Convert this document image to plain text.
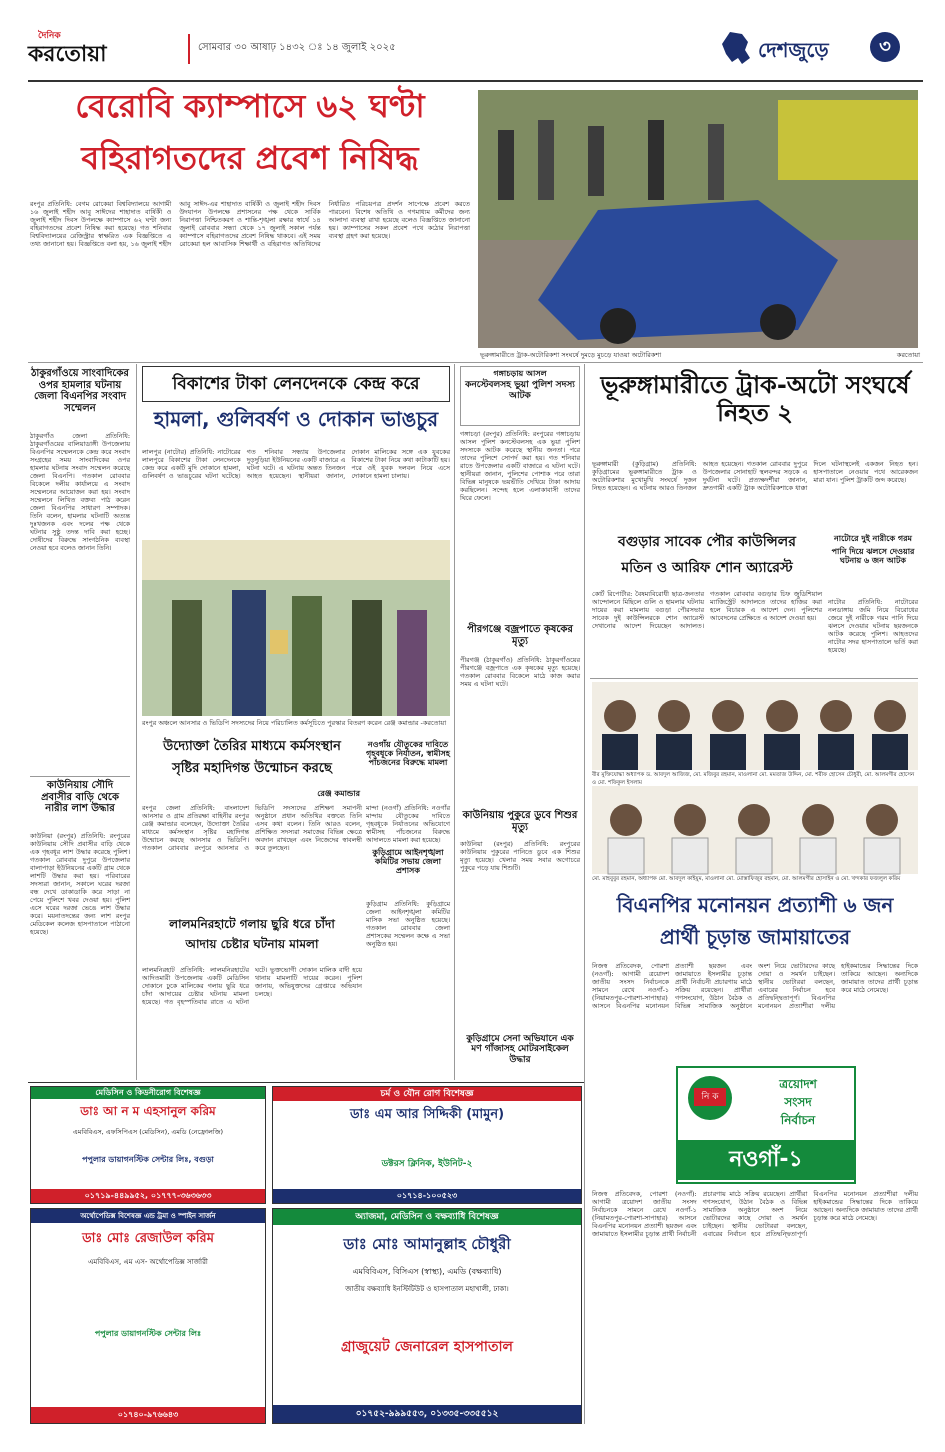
দৈনিক
করতোয়া	সোমবার ৩০ আষাঢ় ১৪৩২ ঃ ১৪ জুলাই ২০২৫	দেশজুড়ে	৩
বেরোবি ক্যাম্পাসে ৬২ ঘণ্টা
বহিরাগতদের প্রবেশ নিষিদ্ধ
রংপুর প্রতিনিধি: বেগম রোকেয়া বিশ্ববিদ্যালয়ে আগামী ১৬ জুলাই শহীদ আবু সাঈদের শাহাদাত বার্ষিকী ও জুলাই শহীদ দিবস উপলক্ষে ক্যাম্পাসে ৬২ ঘণ্টা জন্য বহিরাগতদের প্রবেশ নিষিদ্ধ করা হয়েছে। গত শনিবার বিশ্ববিদ্যালয়ের রেজিস্ট্রার স্বাক্ষরিত এক বিজ্ঞপ্তিতে এ তথ্য জানানো হয়। বিজ্ঞপ্তিতে বলা হয়, ১৬ জুলাই শহীদ আবু সাঈদ-এর শাহাদাত বার্ষিকী ও জুলাই শহীদ দিবস উদযাপন উপলক্ষে প্রশাসনের পক্ষ থেকে সার্বিক নিরাপত্তা নিশ্চিতকরণ ও শান্তি-শৃঙ্খলা রক্ষার স্বার্থে ১৪ জুলাই রোববার সন্ধ্যা থেকে ১৭ জুলাই সকাল পর্যন্ত ক্যাম্পাসে বহিরাগতদের প্রবেশ নিষিদ্ধ থাকবে। এই সময় রোকেয়া হল আবাসিক শিক্ষার্থী ও বহিরাগত অতিথিদের নির্ধারিত পরিচয়পত্র প্রদর্শন সাপেক্ষে প্রবেশ করতে পারবেন। বিশেষ অতিথি ও গণমাধ্যম কর্মীদের জন্য আলাদা ব্যবস্থা রাখা হয়েছে বলেও বিজ্ঞপ্তিতে জানানো হয়। ক্যাম্পাসের সকল প্রবেশ পথে কঠোর নিরাপত্তা ব্যবস্থা গ্রহণ করা হয়েছে।
ভূরুঙ্গামারীতে ট্রাক-অটোরিকশা সংঘর্ষে দুমড়ে মুচড়ে যাওয়া অটোরিকশা	করতোয়া
ঠাকুরগাঁওয়ে সাংবাদিকের ওপর হামলার ঘটনায় জেলা বিএনপির সংবাদ সম্মেলন
ঠাকুরগাঁও জেলা প্রতিনিধি: ঠাকুরগাঁওয়ের বালিয়াডাঙ্গী উপজেলায় বিএনপির সম্মেলনকে কেন্দ্র করে সংবাদ সংগ্রহের সময় সাংবাদিকের ওপর হামলার ঘটনায় সংবাদ সম্মেলন করেছে জেলা বিএনপি। গতকাল রোববার বিকেলে দলীয় কার্যালয়ে এ সংবাদ সম্মেলনের আয়োজন করা হয়। সংবাদ সম্মেলনে লিখিত বক্তব্য পাঠ করেন জেলা বিএনপির সাধারণ সম্পাদক। তিনি বলেন, হামলার ঘটনাটি অত্যন্ত দুঃখজনক এবং দলের পক্ষ থেকে ঘটনার সুষ্ঠু তদন্ত দাবি করা হচ্ছে। দোষীদের বিরুদ্ধে সাংগঠনিক ব্যবস্থা নেওয়া হবে বলেও জানান তিনি।
কাউনিয়ায় সৌদি প্রবাসীর বাড়ি থেকে নারীর লাশ উদ্ধার
কাউনিয়া (রংপুর) প্রতিনিধি: রংপুরের কাউনিয়ায় সৌদি প্রবাসীর বাড়ি থেকে এক গৃহবধূর লাশ উদ্ধার করেছে পুলিশ। গতকাল রোববার দুপুরে উপজেলার বালাপাড়া ইউনিয়নের একটি গ্রাম থেকে লাশটি উদ্ধার করা হয়। পরিবারের সদস্যরা জানান, সকালে ঘরের দরজা বন্ধ দেখে ডাকাডাকি করে সাড়া না পেয়ে পুলিশে খবর দেওয়া হয়। পুলিশ এসে ঘরের দরজা ভেঙে লাশ উদ্ধার করে। ময়নাতদন্তের জন্য লাশ রংপুর মেডিকেল কলেজ হাসপাতালে পাঠানো হয়েছে।
বিকাশের টাকা লেনদেনকে কেন্দ্র করে
হামলা, গুলিবর্ষণ ও দোকান ভাঙচুর
লালপুর (নাটোর) প্রতিনিধি: নাটোরের লালপুরে বিকাশের টাকা লেনদেনকে কেন্দ্র করে একটি মুদি দোকানে হামলা, গুলিবর্ষণ ও ভাঙচুরের ঘটনা ঘটেছে। গত শনিবার সন্ধ্যায় উপজেলার দুড়দুড়িয়া ইউনিয়নের একটি বাজারে এ ঘটনা ঘটে। এ ঘটনায় অন্তত তিনজন আহত হয়েছেন। স্থানীয়রা জানান, দোকান মালিকের সঙ্গে এক যুবকের বিকাশের টাকা নিয়ে কথা কাটাকাটি হয়। পরে ওই যুবক দলবল নিয়ে এসে দোকানে হামলা চালায়।
রংপুর অঞ্চলে আনসার ও ভিডিপি সদস্যদের নিয়ে পরিচালিত কর্মসূচিতে পুরস্কার বিতরণ করেন রেঞ্জ কমান্ডার -করতোয়া
উদ্যোক্তা তৈরির মাধ্যমে কর্মসংস্থান
সৃষ্টির মহাদিগন্ত উন্মোচন করছে
রেঞ্জ কমান্ডার
রংপুর জেলা প্রতিনিধি: বাংলাদেশ আনসার ও গ্রাম প্রতিরক্ষা বাহিনীর রংপুর রেঞ্জ কমান্ডার বলেছেন, উদ্যোক্তা তৈরির মাধ্যমে কর্মসংস্থান সৃষ্টির মহাদিগন্ত উন্মোচন করছে আনসার ও ভিডিপি। গতকাল রোববার রংপুরে আনসার ও ভিডিপি সদস্যদের প্রশিক্ষণ সমাপনী অনুষ্ঠানে প্রধান অতিথির বক্তব্যে তিনি এসব কথা বলেন। তিনি আরও বলেন, প্রশিক্ষিত সদস্যরা সমাজের বিভিন্ন ক্ষেত্রে অবদান রাখছেন এবং নিজেদের স্বাবলম্বী করে তুলছেন।
নওগাঁয় যৌতুকের দাবিতে গৃহবধূকে নির্যাতন, স্বামীসহ পাঁচজনের বিরুদ্ধে মামলা
মান্দা (নওগাঁ) প্রতিনিধি: নওগাঁর মান্দায় যৌতুকের দাবিতে গৃহবধূকে নির্যাতনের অভিযোগে স্বামীসহ পাঁচজনের বিরুদ্ধে আদালতে মামলা করা হয়েছে।
কুড়িগ্রামে আইনশৃঙ্খলা কমিটির সভায় জেলা প্রশাসক
কুড়িগ্রাম প্রতিনিধি: কুড়িগ্রামে জেলা আইনশৃঙ্খলা কমিটির মাসিক সভা অনুষ্ঠিত হয়েছে। গতকাল রোববার জেলা প্রশাসকের সম্মেলন কক্ষে এ সভা অনুষ্ঠিত হয়।
লালমনিরহাটে গলায় ছুরি ধরে চাঁদা
আদায় চেষ্টার ঘটনায় মামলা
লালমনিরহাট প্রতিনিধি: লালমনিরহাটের আদিতমারী উপজেলায় একটি মেডিসিন দোকানে ঢুকে মালিকের গলায় ছুরি ধরে চাঁদা আদায়ের চেষ্টার ঘটনায় মামলা হয়েছে। গত বৃহস্পতিবার রাতে এ ঘটনা ঘটে। ভুক্তভোগী দোকান মালিক বাদী হয়ে থানায় মামলাটি দায়ের করেন। পুলিশ জানায়, অভিযুক্তদের গ্রেপ্তারে অভিযান চলছে।
গঙ্গাচড়ায় আসল
কনস্টেবলসহ ভুয়া পুলিশ সদস্য আটক
গঙ্গাচড়া (রংপুর) প্রতিনিধি: রংপুরের গঙ্গাচড়ায় আসল পুলিশ কনস্টেবলসহ এক ভুয়া পুলিশ সদস্যকে আটক করেছে স্থানীয় জনতা। পরে তাদের পুলিশে সোপর্দ করা হয়। গত শনিবার রাতে উপজেলার একটি বাজারে এ ঘটনা ঘটে। স্থানীয়রা জানান, পুলিশের পোশাক পরে তারা বিভিন্ন মানুষকে ভয়ভীতি দেখিয়ে টাকা আদায় করছিলেন। সন্দেহ হলে এলাকাবাসী তাদের ঘিরে ফেলে।
পীরগঞ্জে বজ্রপাতে কৃষকের মৃত্যু
পীরগঞ্জ (ঠাকুরগাঁও) প্রতিনিধি: ঠাকুরগাঁওয়ের পীরগঞ্জে বজ্রপাতে এক কৃষকের মৃত্যু হয়েছে। গতকাল রোববার বিকেলে মাঠে কাজ করার সময় এ ঘটনা ঘটে।
কাউনিয়ায় পুকুরে ডুবে শিশুর মৃত্যু
কাউনিয়া (রংপুর) প্রতিনিধি: রংপুরের কাউনিয়ায় পুকুরের পানিতে ডুবে এক শিশুর মৃত্যু হয়েছে। খেলার সময় সবার অগোচরে পুকুরে পড়ে যায় শিশুটি।
কুড়িগ্রামে সেনা অভিযানে এক মণ গাঁজাসহ মোটরসাইকেল উদ্ধার
ভূরুঙ্গামারীতে ট্রাক-অটো সংঘর্ষে নিহত ২
ভূরুঙ্গামারী (কুড়িগ্রাম) প্রতিনিধি: কুড়িগ্রামের ভূরুঙ্গামারীতে ট্রাক ও অটোরিকশার মুখোমুখি সংঘর্ষে দুজন নিহত হয়েছেন। এ ঘটনায় আরও তিনজন আহত হয়েছেন। গতকাল রোববার দুপুরে উপজেলার সোনাহাট স্থলবন্দর সড়কে এ দুর্ঘটনা ঘটে। প্রত্যক্ষদর্শীরা জানান, দ্রুতগামী একটি ট্রাক অটোরিকশাকে ধাক্কা দিলে ঘটনাস্থলেই একজন নিহত হন। হাসপাতালে নেওয়ার পথে আরেকজন মারা যান। পুলিশ ট্রাকটি জব্দ করেছে।
বগুড়ার সাবেক পৌর কাউন্সিলর
মতিন ও আরিফ শোন অ্যারেস্ট
কোর্ট রিপোর্টার: বৈষম্যবিরোধী ছাত্র-জনতার আন্দোলনে মিছিলে গুলি ও হামলার ঘটনায় দায়ের করা মামলায় বগুড়া পৌরসভার সাবেক দুই কাউন্সিলরকে শোন অ্যারেস্ট দেখানোর আদেশ দিয়েছেন আদালত। গতকাল রোববার বগুড়ার চিফ জুডিশিয়াল ম্যাজিস্ট্রেট আদালতে তাদের হাজির করা হলে বিচারক এ আদেশ দেন। পুলিশের আবেদনের প্রেক্ষিতে এ আদেশ দেওয়া হয়।
নাটোরে দুই নারীকে গরম
পানি দিয়ে ঝলসে দেওয়ার ঘটনায় ৬ জন আটক
নাটোর প্রতিনিধি: নাটোরের নলডাঙ্গায় জমি নিয়ে বিরোধের জেরে দুই নারীকে গরম পানি দিয়ে ঝলসে দেওয়ার ঘটনায় ছয়জনকে আটক করেছে পুলিশ। আহতদের নাটোর সদর হাসপাতালে ভর্তি করা হয়েছে।
বীর মুক্তিযোদ্ধা অধ্যাপক ড. আবদুল আজিজ, মো. মজিবুর রহমান, মাওলানা মো. মমতাজ উদ্দিন, মো. শরীফ হোসেন চৌধুরী, মো. আলমগীর হোসেন ও মো. শফিকুল ইসলাম
মো. মাহবুবুর রহমান, অধ্যাপক মো. আবদুল কাইয়ুম, মাওলানা মো. মোস্তাফিজুর রহমান, মো. আলমগীর হোসাইন ও মো. খন্দকার ফজলুল করিম
বিএনপির মনোনয়ন প্রত্যাশী ৬ জন
প্রার্থী চূড়ান্ত জামায়াতের
নিজস্ব প্রতিবেদক, পোরশা (নওগাঁ): আগামী ত্রয়োদশ জাতীয় সংসদ নির্বাচনকে সামনে রেখে নওগাঁ-১ (নিয়ামতপুর-পোরশা-সাপাহার) আসনে বিএনপির মনোনয়ন প্রত্যাশী ছয়জন এবং জামায়াতে ইসলামীর চূড়ান্ত প্রার্থী নির্বাচনী প্রচারণায় মাঠে সক্রিয় রয়েছেন। প্রার্থীরা গণসংযোগ, উঠান বৈঠক ও বিভিন্ন সামাজিক অনুষ্ঠানে অংশ নিয়ে ভোটারদের কাছে দোয়া ও সমর্থন চাইছেন। স্থানীয় ভোটাররা বলছেন, এবারের নির্বাচন হবে প্রতিদ্বন্দ্বিতাপূর্ণ। বিএনপির মনোনয়ন প্রত্যাশীরা দলীয় হাইকমান্ডের সিদ্ধান্তের দিকে তাকিয়ে আছেন। অন্যদিকে জামায়াত তাদের প্রার্থী চূড়ান্ত করে মাঠে নেমেছে।
নি ক
ত্রয়োদশ
সংসদ
নির্বাচন
নওগাঁ-১
নিজস্ব প্রতিবেদক, পোরশা (নওগাঁ): আগামী ত্রয়োদশ জাতীয় সংসদ নির্বাচনকে সামনে রেখে নওগাঁ-১ (নিয়ামতপুর-পোরশা-সাপাহার) আসনে বিএনপির মনোনয়ন প্রত্যাশী ছয়জন এবং জামায়াতে ইসলামীর চূড়ান্ত প্রার্থী নির্বাচনী প্রচারণায় মাঠে সক্রিয় রয়েছেন। প্রার্থীরা গণসংযোগ, উঠান বৈঠক ও বিভিন্ন সামাজিক অনুষ্ঠানে অংশ নিয়ে ভোটারদের কাছে দোয়া ও সমর্থন চাইছেন। স্থানীয় ভোটাররা বলছেন, এবারের নির্বাচন হবে প্রতিদ্বন্দ্বিতাপূর্ণ। বিএনপির মনোনয়ন প্রত্যাশীরা দলীয় হাইকমান্ডের সিদ্ধান্তের দিকে তাকিয়ে আছেন। অন্যদিকে জামায়াত তাদের প্রার্থী চূড়ান্ত করে মাঠে নেমেছে।
মেডিসিন ও কিডনীরোগ বিশেষজ্ঞ
ডাঃ আ ন ম এহসানুল করিম
এমবিবিএস, এফসিপিএস (মেডিসিন), এমডি (নেফ্রোলজি)
পপুলার ডায়াগনস্টিক সেন্টার লিঃ, বগুড়া
০১৭১৯-৪৪৯৯৫২, ০১৭৭৭-৩৬৩৬৩৩
চর্ম ও যৌন রোগ বিশেষজ্ঞ
ডাঃ এম আর সিদ্দিকী (মামুন)
ডক্টরস ক্লিনিক, ইউনিট-২
০১৭১৪-১০০৫২৩
অর্থোপেডিক্স বিশেষজ্ঞ এন্ড ট্রমা ও স্পাইন সার্জন
ডাঃ মোঃ রেজাউল করিম
এমবিবিএস, এম এস- অর্থোপেডিক্স সার্জারী
পপুলার ডায়াগনস্টিক সেন্টার লিঃ
০১৭৪০-৯৭৬৬৪৩
অ্যাজমা, মেডিসিন ও বক্ষব্যাধি বিশেষজ্ঞ
ডাঃ মোঃ আমানুল্লাহ চৌধুরী
এমবিবিএস, বিসিএস (স্বাস্থ্য), এমডি (বক্ষব্যাধি)
জাতীয় বক্ষব্যাধি ইনস্টিটিউট ও হাসপাতাল মহাখালী, ঢাকা।
গ্রাজুয়েট জেনারেল হাসপাতাল
০১৭৫২-৯৯৯৫৫৩, ০১৩৩৫-৩৩৫৫১২
